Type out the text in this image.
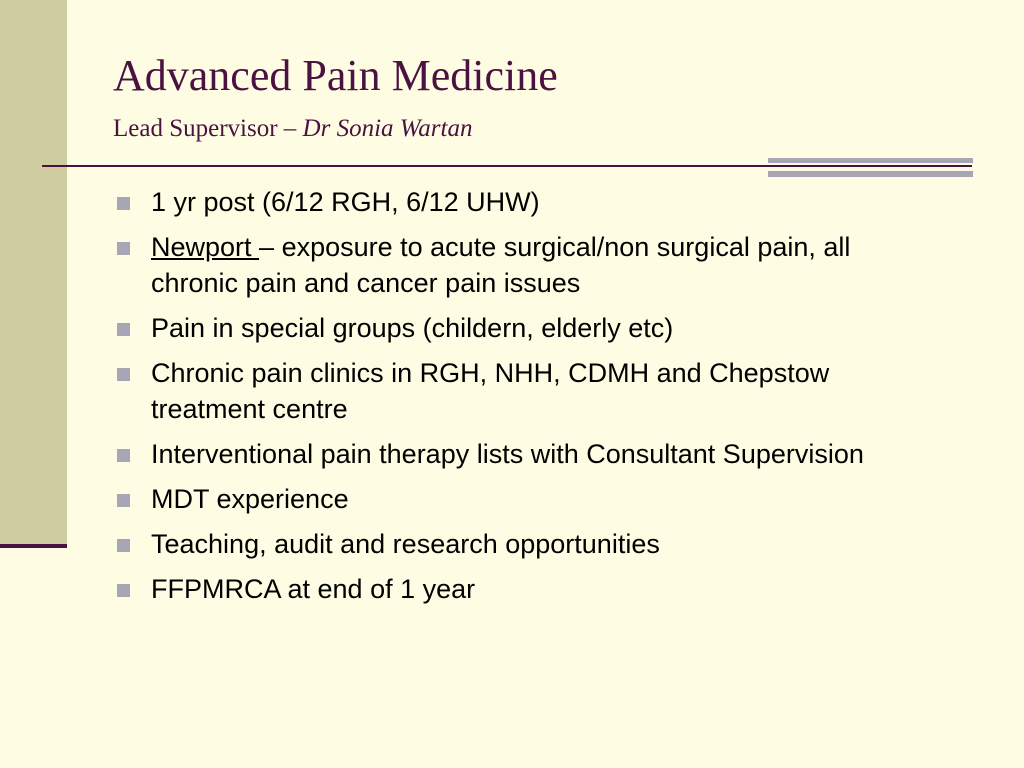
Advanced Pain Medicine
Lead Supervisor – Dr Sonia Wartan
1 yr post (6/12 RGH, 6/12 UHW)
Newport – exposure to acute surgical/non surgical pain, all chronic pain and cancer pain issues
Pain in special groups (childern, elderly etc)
Chronic pain clinics in RGH, NHH, CDMH and Chepstow treatment centre
Interventional pain therapy lists with Consultant Supervision
MDT experience
Teaching, audit and research opportunities
FFPMRCA at end of 1 year
